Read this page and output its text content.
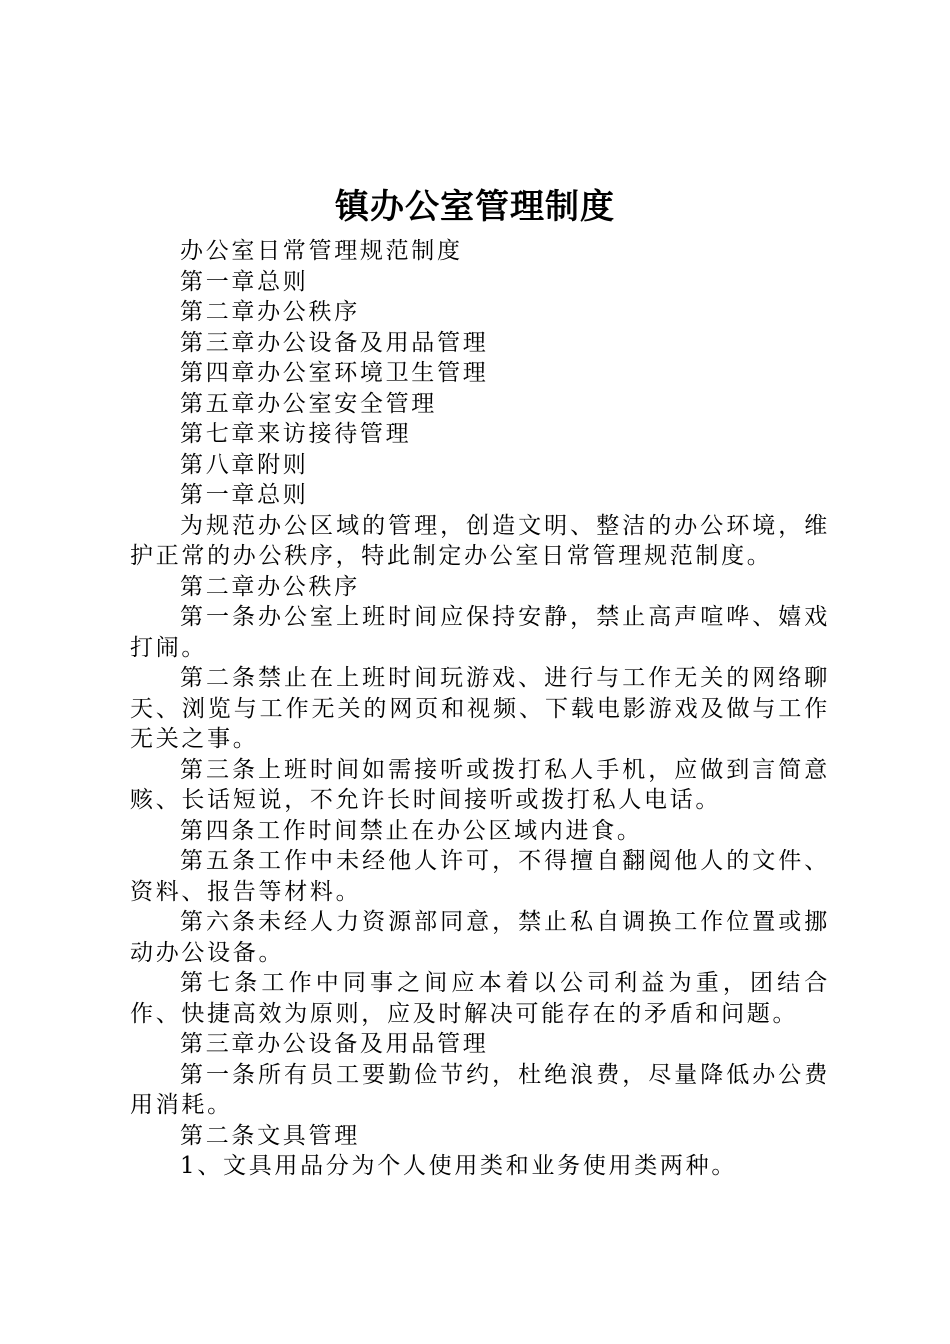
镇办公室管理制度

办公室日常管理规范制度

第一章总则

第二章办公秩序

第三章办公设备及用品管理

第四章办公室环境卫生管理

第五章办公室安全管理

第七章来访接待管理

第八章附则

第一章总则

为规范办公区域的管理，创造文明、整洁的办公环境，维护正常的办公秩序，特此制定办公室日常管理规范制度。

第二章办公秩序

第一条办公室上班时间应保持安静，禁止高声喧哗、嬉戏打闹。

第二条禁止在上班时间玩游戏、进行与工作无关的网络聊天、浏览与工作无关的网页和视频、下载电影游戏及做与工作无关之事。

第三条上班时间如需接听或拨打私人手机，应做到言简意赅、长话短说，不允许长时间接听或拨打私人电话。

第四条工作时间禁止在办公区域内进食。

第五条工作中未经他人许可，不得擅自翻阅他人的文件、资料、报告等材料。

第六条未经人力资源部同意，禁止私自调换工作位置或挪动办公设备。

第七条工作中同事之间应本着以公司利益为重，团结合作、快捷高效为原则，应及时解决可能存在的矛盾和问题。

第三章办公设备及用品管理

第一条所有员工要勤俭节约，杜绝浪费，尽量降低办公费用消耗。

第二条文具管理

1、文具用品分为个人使用类和业务使用类两种。
